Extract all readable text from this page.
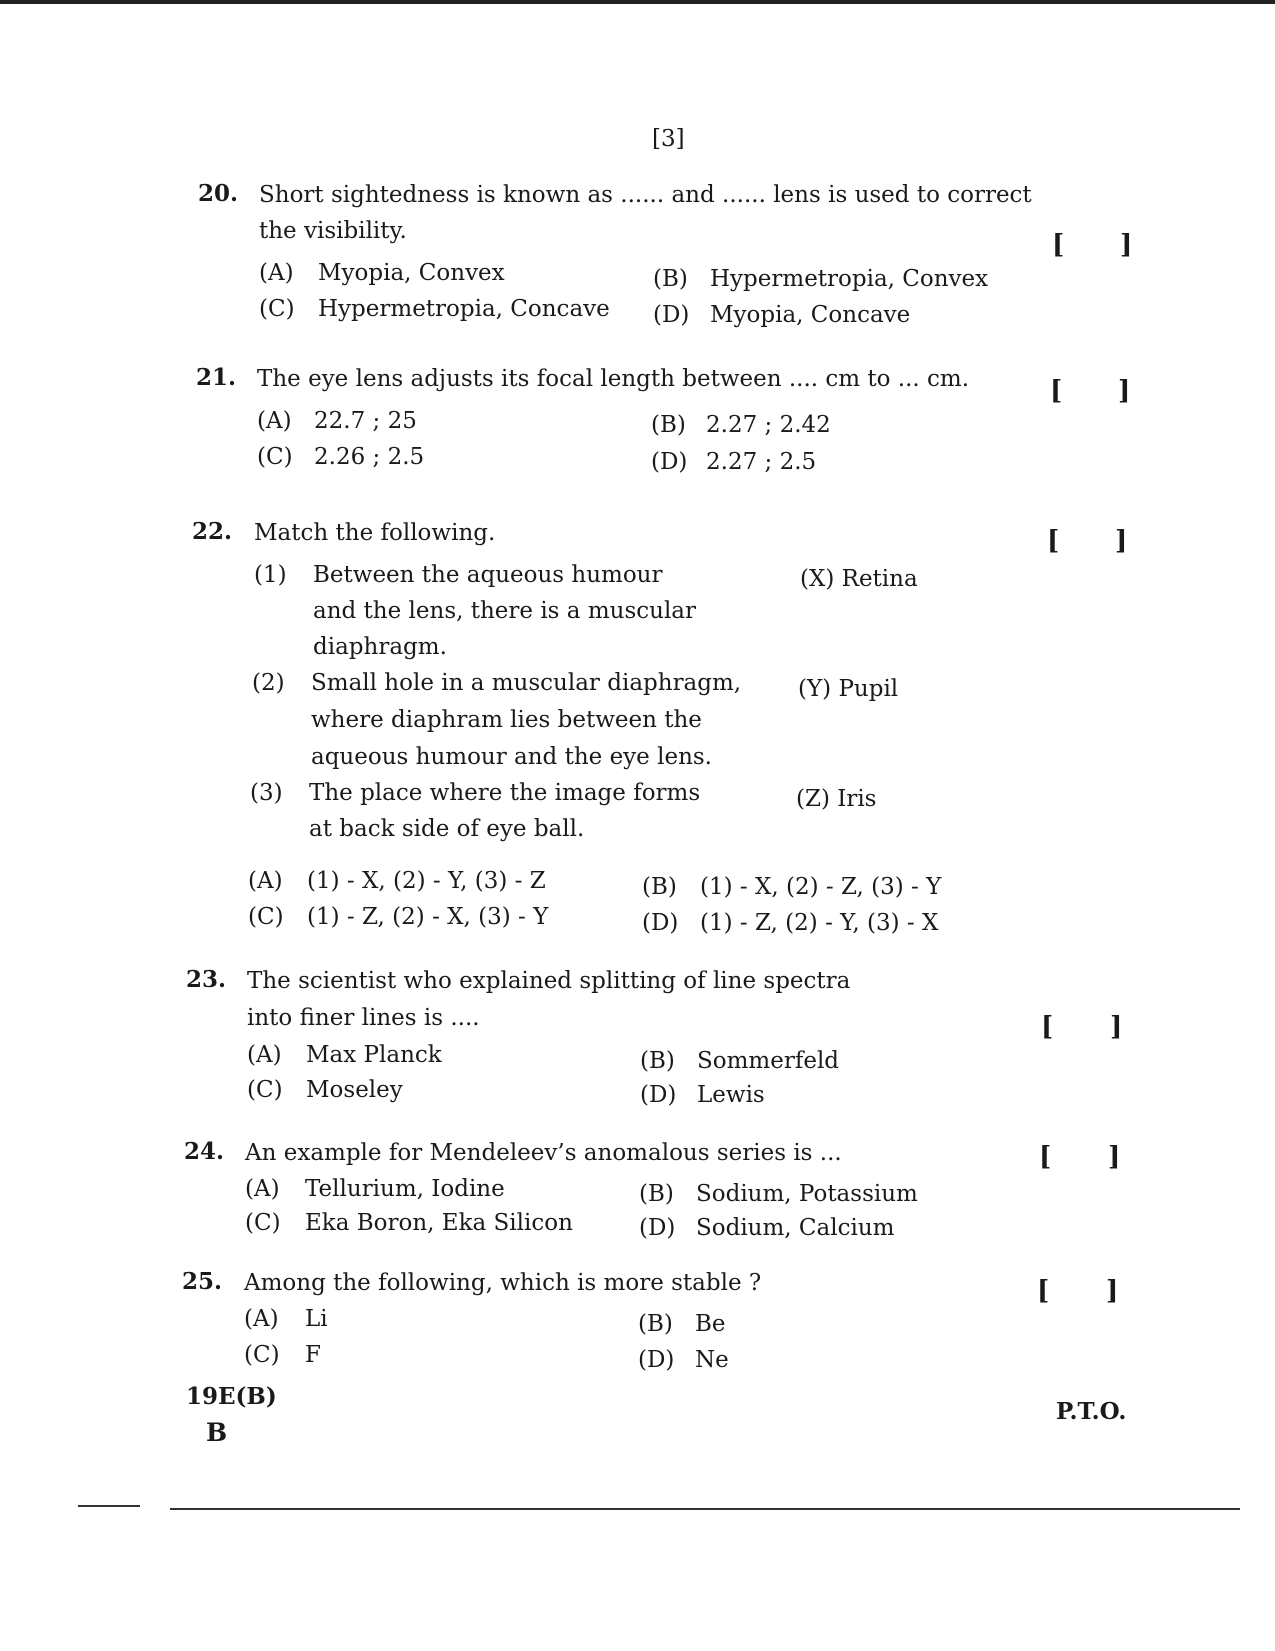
[3]
20. Short sightedness is known as ...... and ...... lens is used to correct
the visibility.	[ ]
(A) Myopia, Convex	(B) Hypermetropia, Convex
(C) Hypermetropia, Concave (D) Myopia, Concave
21. The eye lens adjusts its focal length between .... cm to ... cm.	[ ]
(A) 22.7 ; 25	(B) 2.27 ; 2.42
(C) 2.26 ; 2.5	(D) 2.27 ; 2.5
22. Match the following.	[ ]
(1) Between the aqueous humour
and the lens, there is a muscular
diaphragm.
(X) Retina
(2) Small hole in a muscular diaphragm,
where diaphram lies between the
aqueous humour and the eye lens.
(Y) Pupil
(3) The place where the image forms
at back side of eye ball.
(Z) Iris
(A) (1) - X, (2) - Y, (3) - Z	(B) (1) - X, (2) - Z, (3) - Y
(C) (1) - Z, (2) - X, (3) - Y	(D) (1) - Z, (2) - Y, (3) - X
23. The scientist who explained splitting of line spectra
into finer lines is ....	[ ]
(A) Max Planck	(B) Sommerfeld
(C) Moseley	(D) Lewis
24. An example for Mendeleev’s anomalous series is ...	[ ]
(A) Tellurium, Iodine	(B) Sodium, Potassium
(C) Eka Boron, Eka Silicon	(D) Sodium, Calcium
25. Among the following, which is more stable ?	[ ]
(A) Li	(B) Be
(C) F	(D) Ne
19E(B)
B
P.T.O.
